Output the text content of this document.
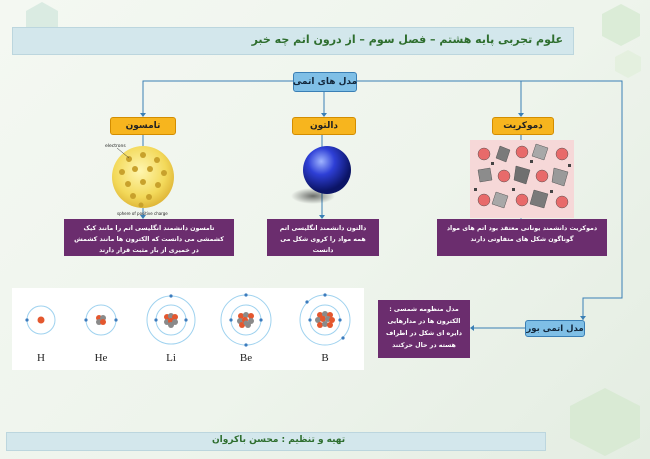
علوم تجربی پایه هشتم – فصل سوم – از درون اتم چه خبر
مدل های اتمی
تامسون	دالتون	دموکریت
electrons
sphere of positive charge
تامسون دانشمند انگلیسی اتم را مانند کیک کشمشی می دانست که الکترون ها مانند کشمش در خمیری از بار مثبت قرار دارند
دالتون دانشمند انگلیسی اتم همه مواد را کروی شکل می دانست
دموکریت دانشمند یونانی معتقد بود اتم های مواد گوناگون شکل های متفاوتی دارند
مدل اتمی بور
مدل منظومه شمسی : الکترون ها در مدارهایی دایره ای شکل در اطراف هسته در حال حرکتند
H	He	Li	Be	B
تهیه و تنظیم : محسن باکروان
